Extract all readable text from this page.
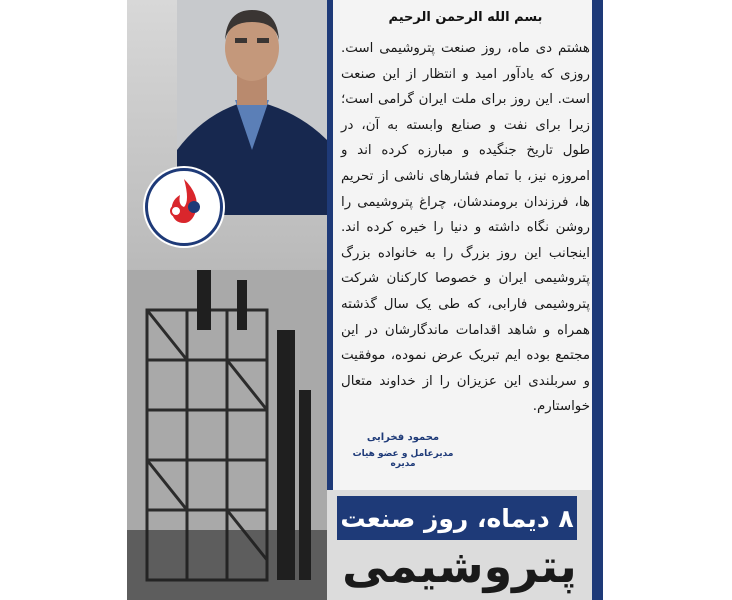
بسم الله الرحمن الرحيم
هشتم دی ماه، روز صنعت پتروشیمی است. روزی که یادآور امید و انتظار از این صنعت است. این روز برای ملت ایران گرامی است؛ زیرا برای نفت و صنایع وابسته به آن، در طول تاریخ جنگیده و مبارزه کرده اند و امروزه نیز، با تمام فشارهای ناشی از تحریم ها، فرزندان برومندشان، چراغ پتروشیمی را روشن نگاه داشته و دنیا را خیره کرده اند. اینجانب این روز بزرگ را به خانواده بزرگ پتروشیمی ایران و خصوصا کارکنان شرکت پتروشیمی فارابی، که طی یک سال گذشته همراه و شاهد اقدامات ماندگارشان در این مجتمع بوده ایم تبریک عرض نموده، موفقیت و سربلندی این عزیزان را از خداوند متعال خواستارم.
محمود فخرایی
مدیرعامل و عضو هیات مدیره
۸ دیماه، روز صنعت
پتروشیمی
